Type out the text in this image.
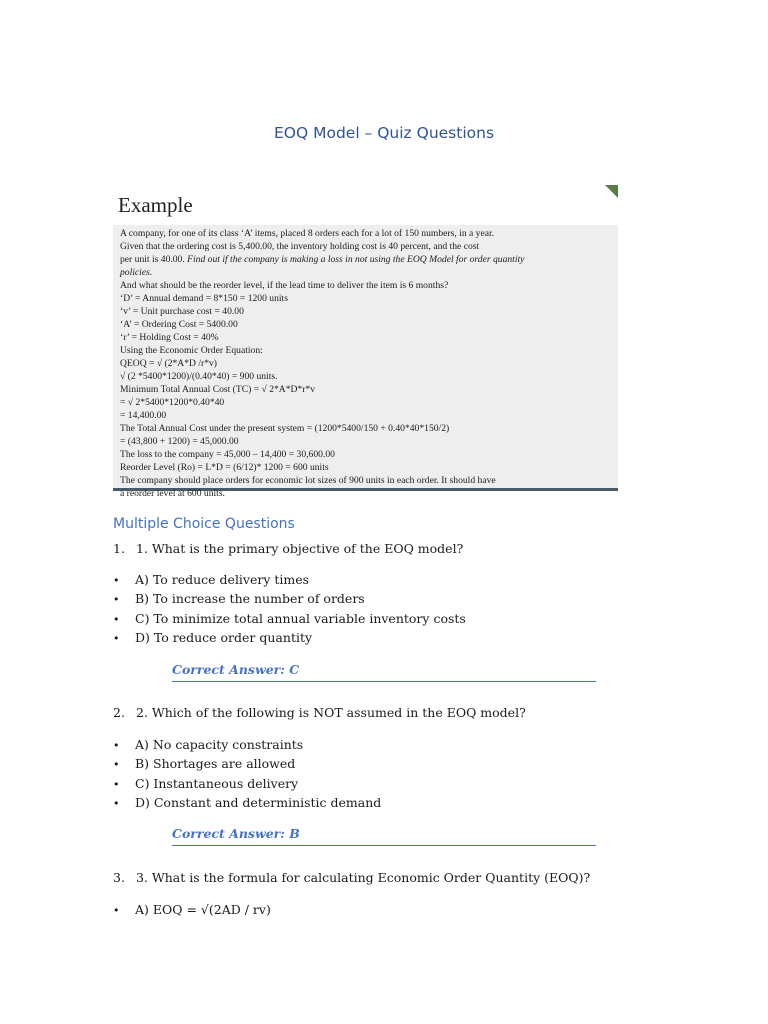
EOQ Model – Quiz Questions
Example
A company, for one of its class ‘A’ items, placed 8 orders each for a lot of 150 numbers, in a year.
Given that the ordering cost is 5,400.00, the inventory holding cost is 40 percent, and the cost
per unit is 40.00. Find out if the company is making a loss in not using the EOQ Model for order quantity
policies.
And what should be the reorder level, if the lead time to deliver the item is 6 months?
‘D’ = Annual demand = 8*150 = 1200 units
‘v’ = Unit purchase cost = 40.00
‘A’ = Ordering Cost = 5400.00
‘r’ = Holding Cost = 40%
Using the Economic Order Equation:
QEOQ = √ (2*A*D /r*v)
√ (2 *5400*1200)/(0.40*40) = 900 units.
Minimum Total Annual Cost (TC) = √ 2*A*D*r*v
= √ 2*5400*1200*0.40*40
= 14,400.00
The Total Annual Cost under the present system = (1200*5400/150 + 0.40*40*150/2)
= (43,800 + 1200) = 45,000.00
The loss to the company = 45,000 – 14,400 = 30,600.00
Reorder Level (Ro) = L*D = (6/12)* 1200 = 600 units
The company should place orders for economic lot sizes of 900 units in each order. It should have
a reorder level at 600 units.
Multiple Choice Questions
1. 1. What is the primary objective of the EOQ model?
• A) To reduce delivery times
• B) To increase the number of orders
• C) To minimize total annual variable inventory costs
• D) To reduce order quantity
Correct Answer: C
2. 2. Which of the following is NOT assumed in the EOQ model?
• A) No capacity constraints
• B) Shortages are allowed
• C) Instantaneous delivery
• D) Constant and deterministic demand
Correct Answer: B
3. 3. What is the formula for calculating Economic Order Quantity (EOQ)?
• A) EOQ = √(2AD / rv)
